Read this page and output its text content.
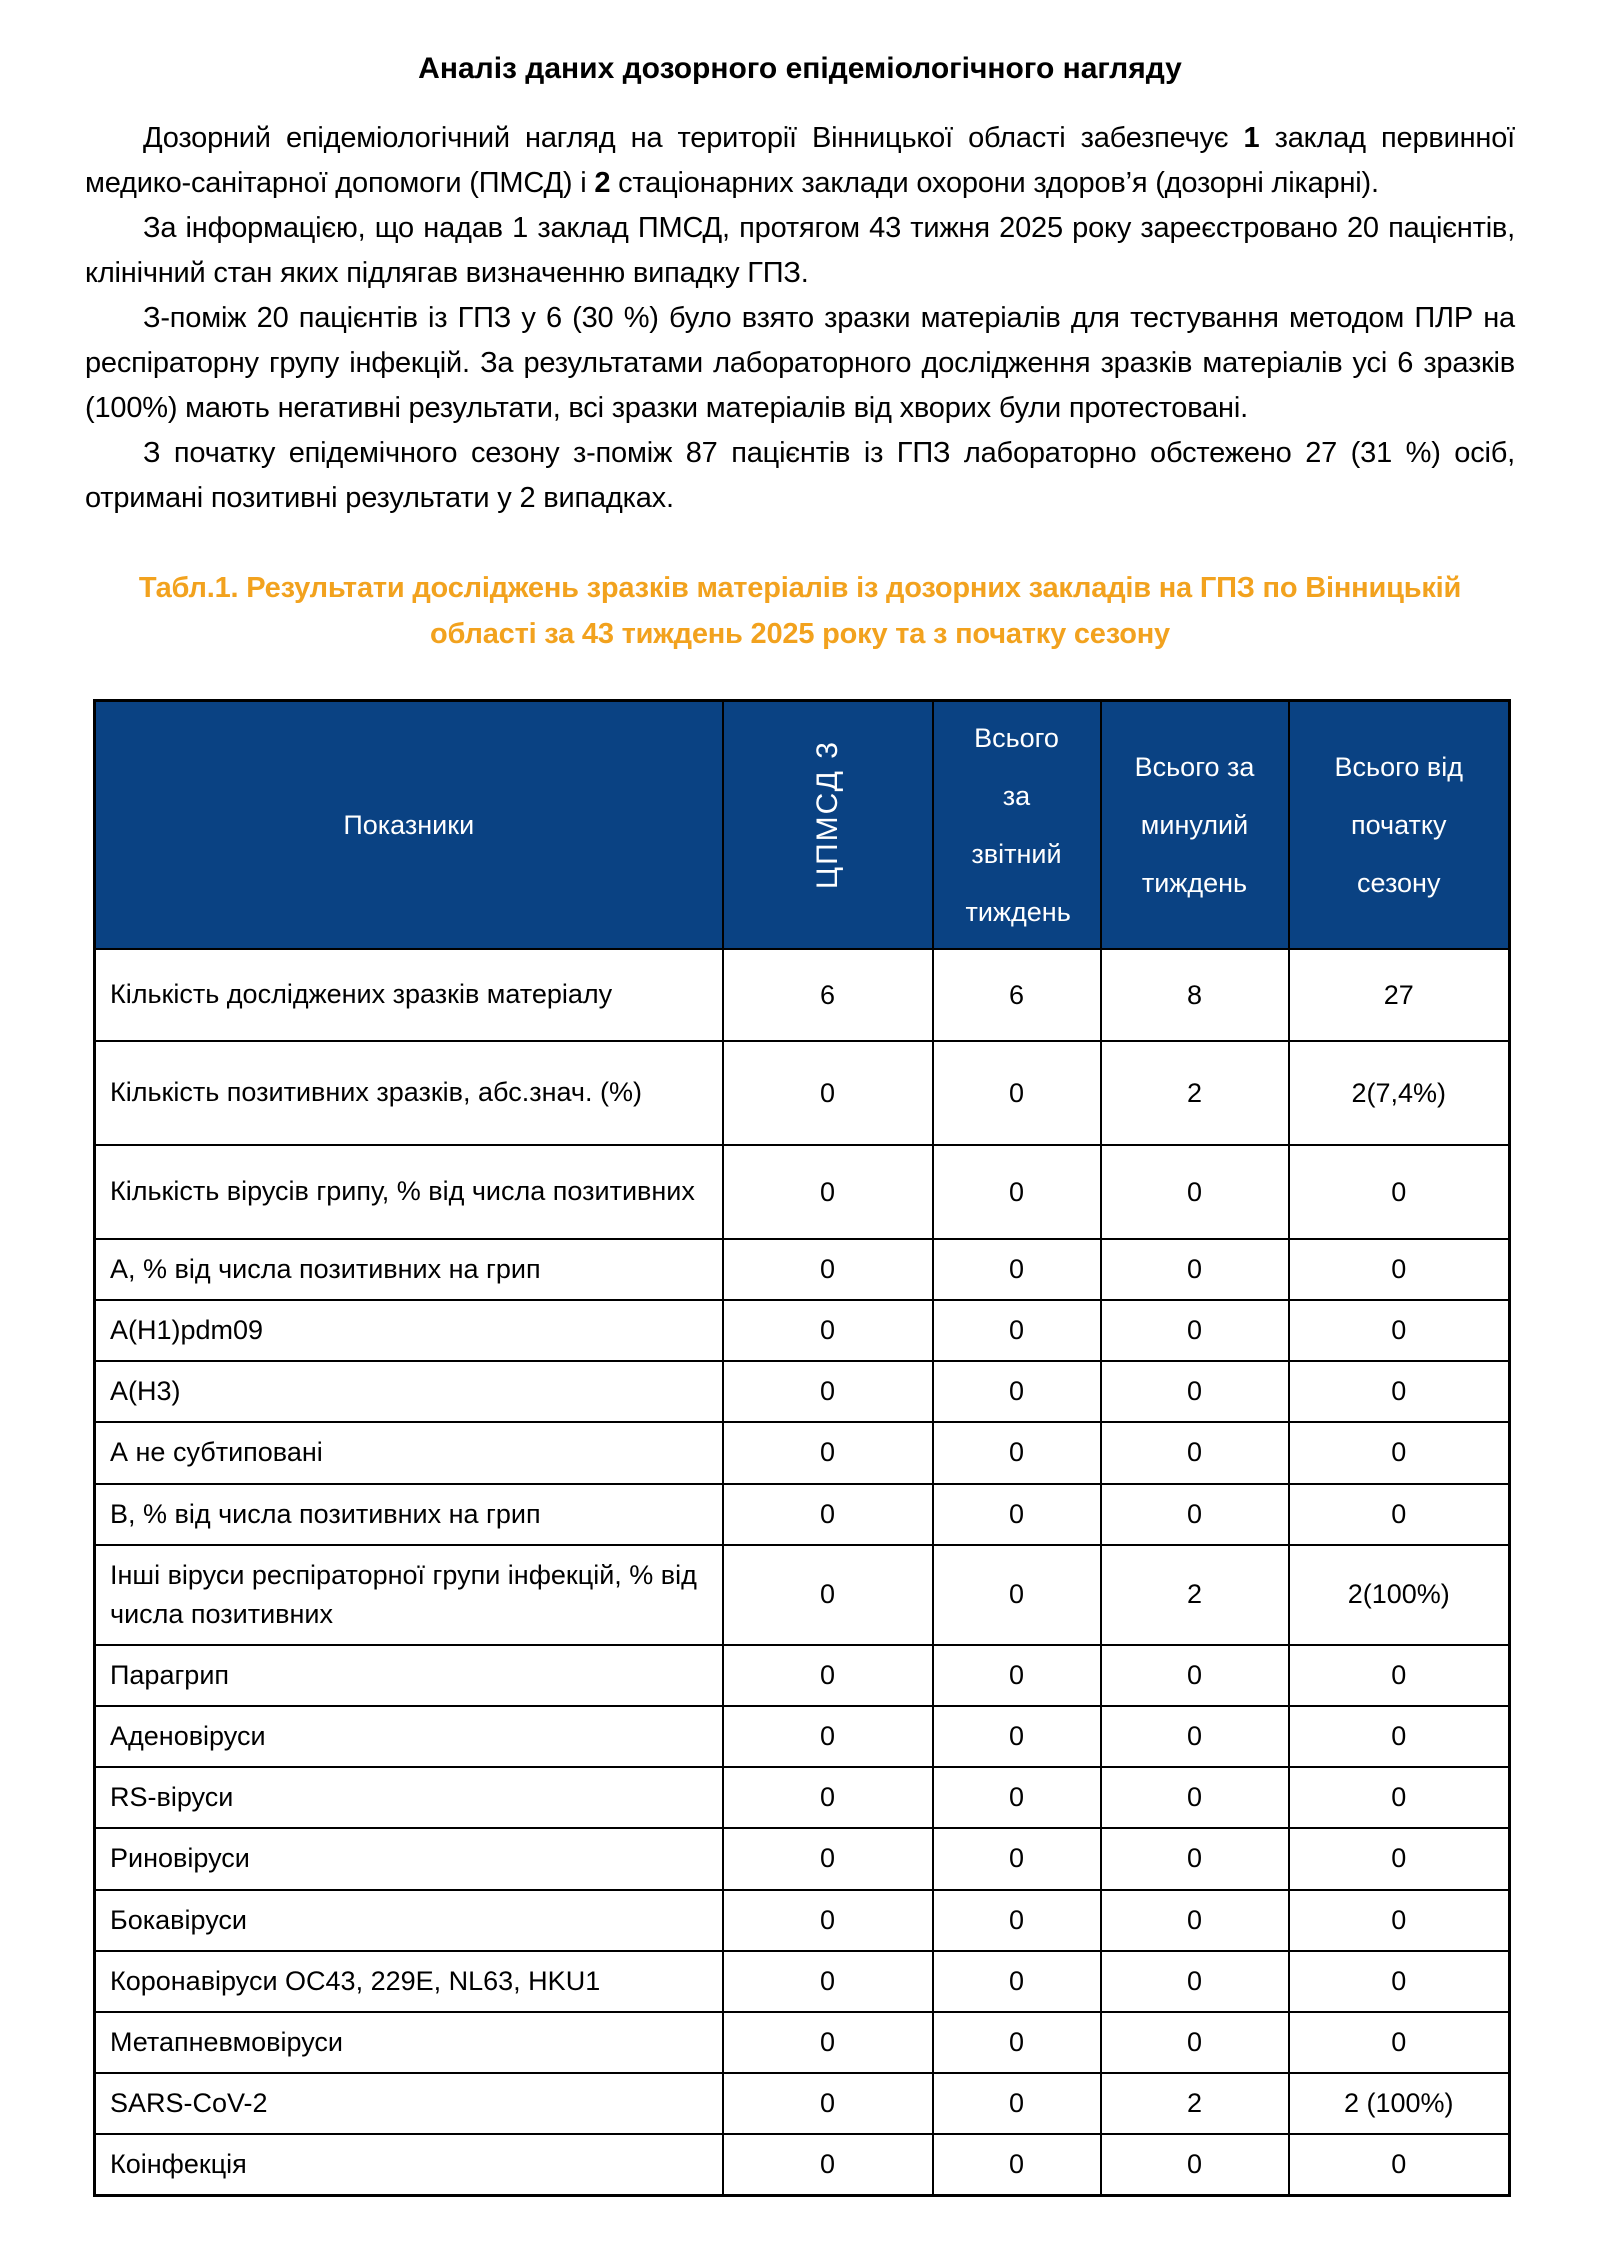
Аналіз даних дозорного епідеміологічного нагляду

Дозорний епідеміологічний нагляд на території Вінницької області забезпечує 1 заклад первинної медико-санітарної допомоги (ПМСД) і 2 стаціонарних заклади охорони здоров’я (дозорні лікарні).

За інформацією, що надав 1 заклад ПМСД, протягом 43 тижня 2025 року зареєстровано 20 пацієнтів, клінічний стан яких підлягав визначенню випадку ГПЗ.

З-поміж 20 пацієнтів із ГПЗ у 6 (30 %) було взято зразки матеріалів для тестування методом ПЛР на респіраторну групу інфекцій. За результатами лабораторного дослідження зразків матеріалів усі 6 зразків (100%) мають негативні результати, всі зразки матеріалів від хворих були протестовані.

З початку епідемічного сезону з-поміж 87 пацієнтів із ГПЗ лабораторно обстежено 27 (31 %) осіб, отримані позитивні результати у 2 випадках.

Табл.1. Результати досліджень зразків матеріалів із дозорних закладів на ГПЗ по Вінницькій області за 43 тиждень 2025 року та з початку сезону
Показники	ЦПМСД 3	Всього за звітний тиждень	Всього за минулий тиждень	Всього від початку сезону
Кількість досліджених зразків матеріалу	6	6	8	27
Кількість позитивних зразків, абс.знач. (%)	0	0	2	2(7,4%)
Кількість вірусів грипу, % від числа позитивних	0	0	0	0
А, % від числа позитивних на грип	0	0	0	0
A(H1)pdm09	0	0	0	0
A(H3)	0	0	0	0
А не субтиповані	0	0	0	0
В, % від числа позитивних на грип	0	0	0	0
Інші віруси респіраторної групи інфекцій, % від числа позитивних	0	0	2	2(100%)
Парагрип	0	0	0	0
Аденовіруси	0	0	0	0
RS-віруси	0	0	0	0
Риновіруси	0	0	0	0
Бокавіруси	0	0	0	0
Коронавіруси OC43, 229E, NL63, HKU1	0	0	0	0
Метапневмовіруси	0	0	0	0
SARS-CoV-2	0	0	2	2 (100%)
Коінфекція	0	0	0	0
